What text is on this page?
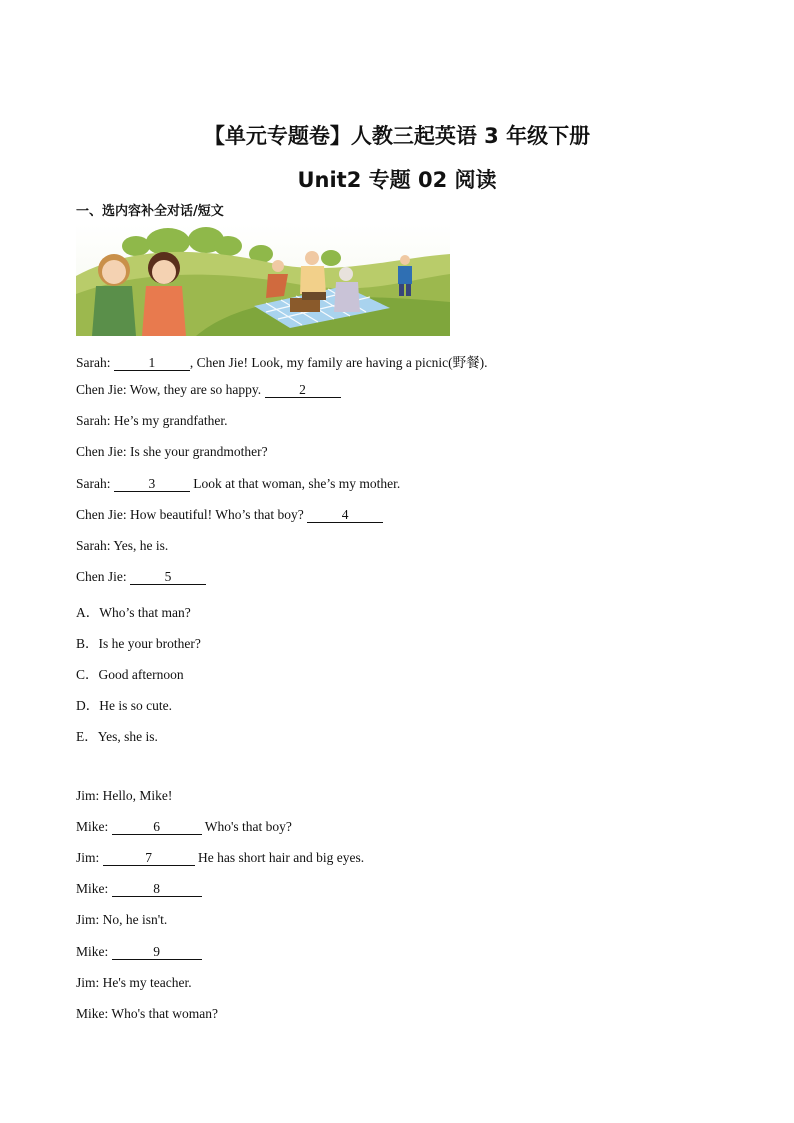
【单元专题卷】人教三起英语 3 年级下册
Unit2 专题 02 阅读
一、选内容补全对话/短文
Sarah:	1	, Chen Jie! Look, my family are having a picnic(野餐).
Chen Jie: Wow, they are so happy.	2
Sarah: He’s my grandfather.
Chen Jie: Is she your grandmother?
Sarah:	3	Look at that woman, she’s my mother.
Chen Jie: How beautiful! Who’s that boy?	4
Sarah: Yes, he is.
Chen Jie:	5
A．Who’s that man?
B．Is he your brother?
C．Good afternoon
D．He is so cute.
E．Yes, she is.
Jim: Hello, Mike!
Mike:	6	Who's that boy?
Jim:	7	He has short hair and big eyes.
Mike:	8
Jim: No, he isn't.
Mike:	9
Jim: He's my teacher.
Mike: Who's that woman?
